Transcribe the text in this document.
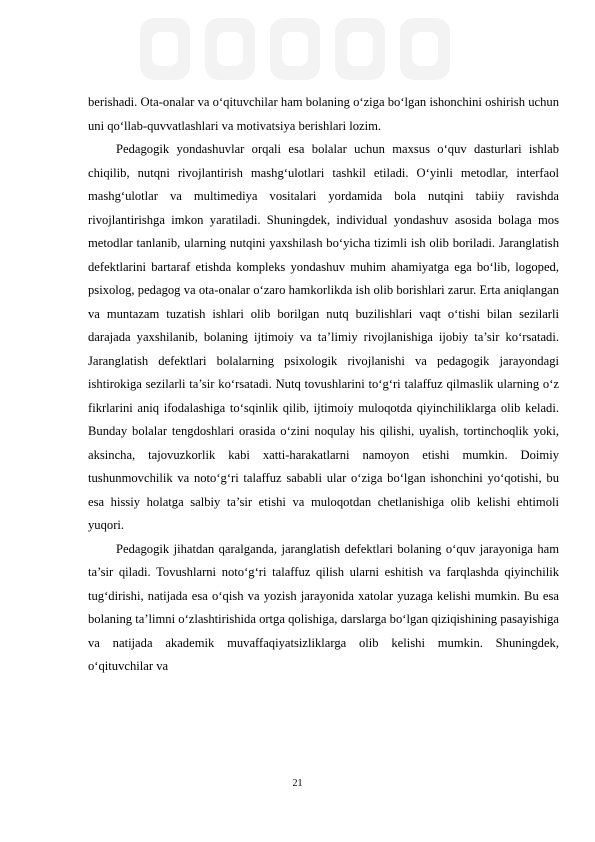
berishadi. Ota-onalar va o‘qituvchilar ham bolaning o‘ziga bo‘lgan ishonchini oshirish uchun uni qo‘llab-quvvatlashlari va motivatsiya berishlari lozim.

Pedagogik yondashuvlar orqali esa bolalar uchun maxsus o‘quv dasturlari ishlab chiqilib, nutqni rivojlantirish mashg‘ulotlari tashkil etiladi. O‘yinli metodlar, interfaol mashg‘ulotlar va multimediya vositalari yordamida bola nutqini tabiiy ravishda rivojlantirishga imkon yaratiladi. Shuningdek, individual yondashuv asosida bolaga mos metodlar tanlanib, ularning nutqini yaxshilash bo‘yicha tizimli ish olib boriladi. Jaranglatish defektlarini bartaraf etishda kompleks yondashuv muhim ahamiyatga ega bo‘lib, logoped, psixolog, pedagog va ota-onalar o‘zaro hamkorlikda ish olib borishlari zarur. Erta aniqlangan va muntazam tuzatish ishlari olib borilgan nutq buzilishlari vaqt o‘tishi bilan sezilarli darajada yaxshilanib, bolaning ijtimoiy va ta’limiy rivojlanishiga ijobiy ta’sir ko‘rsatadi. Jaranglatish defektlari bolalarning psixologik rivojlanishi va pedagogik jarayondagi ishtirokiga sezilarli ta’sir ko‘rsatadi. Nutq tovushlarini to‘g‘ri talaffuz qilmaslik ularning o‘z fikrlarini aniq ifodalashiga to‘sqinlik qilib, ijtimoiy muloqotda qiyinchiliklarga olib keladi. Bunday bolalar tengdoshlari orasida o‘zini noqulay his qilishi, uyalish, tortinchoqlik yoki, aksincha, tajovuzkorlik kabi xatti-harakatlarni namoyon etishi mumkin. Doimiy tushunmovchilik va noto‘g‘ri talaffuz sababli ular o‘ziga bo‘lgan ishonchini yo‘qotishi, bu esa hissiy holatga salbiy ta’sir etishi va muloqotdan chetlanishiga olib kelishi ehtimoli yuqori.

Pedagogik jihatdan qaralganda, jaranglatish defektlari bolaning o‘quv jarayoniga ham ta’sir qiladi. Tovushlarni noto‘g‘ri talaffuz qilish ularni eshitish va farqlashda qiyinchilik tug‘dirishi, natijada esa o‘qish va yozish jarayonida xatolar yuzaga kelishi mumkin. Bu esa bolaning ta’limni o‘zlashtirishida ortga qolishiga, darslarga bo‘lgan qiziqishining pasayishiga va natijada akademik muvaffaqiyatsizliklarga olib kelishi mumkin. Shuningdek, o‘qituvchilar va

21
